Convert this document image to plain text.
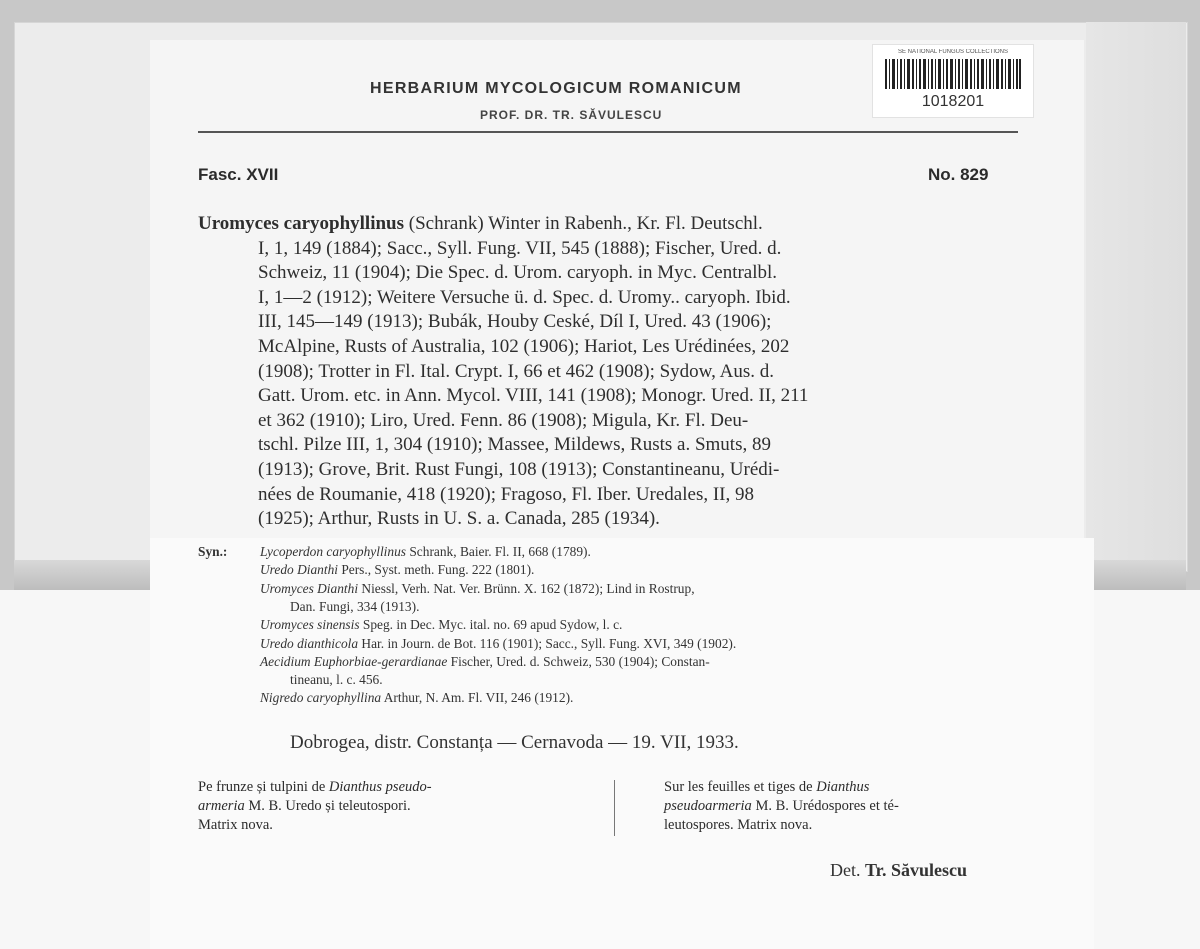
HERBARIUM MYCOLOGICUM ROMANICUM
PROF. DR. TR. SĂVULESCU
SE NATIONAL FUNGUS COLLECTIONS
1018201
Fasc. XVII	No. 829
Uromyces caryophyllinus (Schrank) Winter in Rabenh., Kr. Fl. Deutschl.
I, 1, 149 (1884); Sacc., Syll. Fung. VII, 545 (1888); Fischer, Ured. d.
Schweiz, 11 (1904); Die Spec. d. Urom. caryoph. in Myc. Centralbl.
I, 1—2 (1912); Weitere Versuche ü. d. Spec. d. Uromy.. caryoph. Ibid.
III, 145—149 (1913); Bubák, Houby Ceské, Díl I, Ured. 43 (1906);
McAlpine, Rusts of Australia, 102 (1906); Hariot, Les Urédinées, 202
(1908); Trotter in Fl. Ital. Crypt. I, 66 et 462 (1908); Sydow, Aus. d.
Gatt. Urom. etc. in Ann. Mycol. VIII, 141 (1908); Monogr. Ured. II, 211
et 362 (1910); Liro, Ured. Fenn. 86 (1908); Migula, Kr. Fl. Deu-
tschl. Pilze III, 1, 304 (1910); Massee, Mildews, Rusts a. Smuts, 89
(1913); Grove, Brit. Rust Fungi, 108 (1913); Constantineanu, Urédi-
nées de Roumanie, 418 (1920); Fragoso, Fl. Iber. Uredales, II, 98
(1925); Arthur, Rusts in U. S. a. Canada, 285 (1934).
Syn.: Lycoperdon caryophyllinus Schrank, Baier. Fl. II, 668 (1789).
Uredo Dianthi Pers., Syst. meth. Fung. 222 (1801).
Uromyces Dianthi Niessl, Verh. Nat. Ver. Brünn. X. 162 (1872); Lind in Rostrup,
Dan. Fungi, 334 (1913).
Uromyces sinensis Speg. in Dec. Myc. ital. no. 69 apud Sydow, l. c.
Uredo dianthicola Har. in Journ. de Bot. 116 (1901); Sacc., Syll. Fung. XVI, 349 (1902).
Aecidium Euphorbiae-gerardianae Fischer, Ured. d. Schweiz, 530 (1904); Constan-
tineanu, l. c. 456.
Nigredo caryophyllina Arthur, N. Am. Fl. VII, 246 (1912).
Dobrogea, distr. Constanța — Cernavoda — 19. VII, 1933.
Pe frunze și tulpini de Dianthus pseudo-
armeria M. B. Uredo și teleutospori.
Matrix nova.
Sur les feuilles et tiges de Dianthus
pseudoarmeria M. B. Urédospores et té-
leutospores. Matrix nova.
Det. Tr. Săvulescu
